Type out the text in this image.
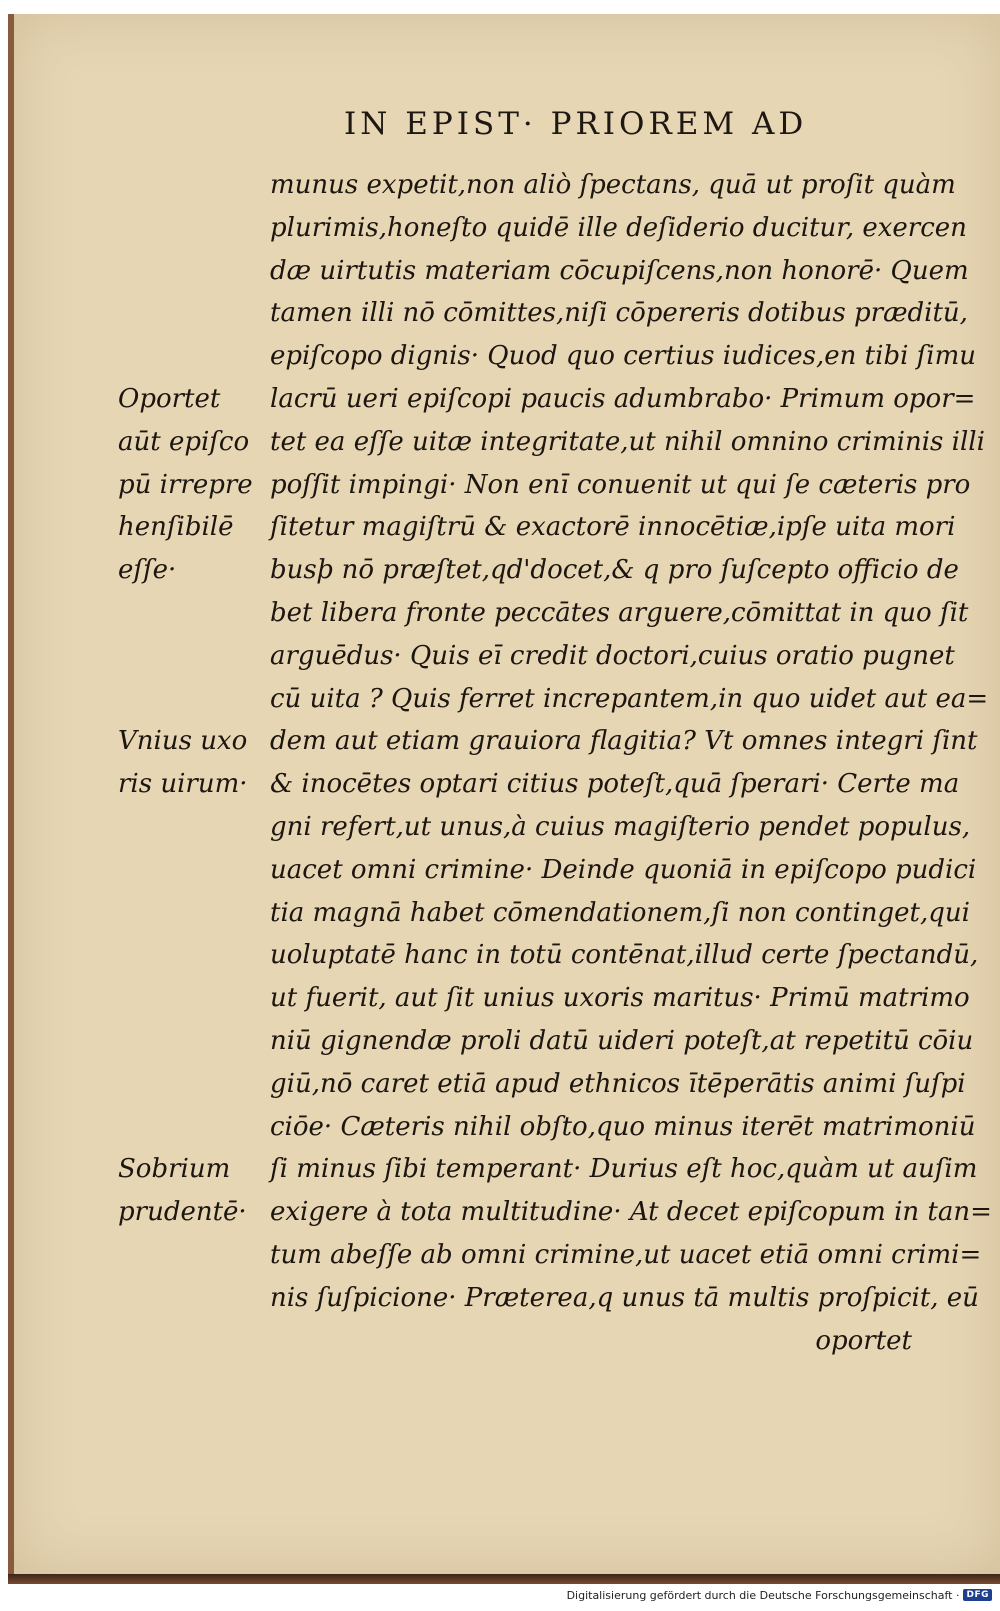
IN EPIST· PRIOREM AD
munus expetit,non aliò ſpectans, quā ut proſit quàm
plurimis,honeſto quidē ille deſiderio ducitur, exercen
dæ uirtutis materiam cōcupiſcens,non honorē· Quem
tamen illi nō cōmittes,niſi cōpereris dotibus præditū,
epiſcopo dignis· Quod quo certius iudices,en tibi ſimu
lacrū ueri epiſcopi paucis adumbrabo· Primum opor=
tet ea eſſe uitæ integritate,ut nihil omnino criminis illi
poſſit impingi· Non enī conuenit ut qui ſe cæteris pro
ſitetur magiſtrū & exactorē innocētiæ,ipſe uita mori
busþ nō præſtet,qd'docet,& q pro ſuſcepto officio de
bet libera fronte peccātes arguere,cōmittat in quo ſit
arguēdus· Quis eī credit doctori,cuius oratio pugnet
cū uita ? Quis ferret increpantem,in quo uidet aut ea=
dem aut etiam grauiora flagitia? Vt omnes integri ſint
& inocētes optari citius poteſt,quā ſperari· Certe ma
gni refert,ut unus,à cuius magiſterio pendet populus,
uacet omni crimine· Deinde quoniā in epiſcopo pudici
tia magnā habet cōmendationem,ſi non continget,qui
uoluptatē hanc in totū contēnat,illud certe ſpectandū,
ut fuerit, aut ſit unius uxoris maritus· Primū matrimo
niū gignendæ proli datū uideri poteſt,at repetitū cōiu
giū,nō caret etiā apud ethnicos ītēperātis animi ſuſpi
ciōe· Cæteris nihil obſto,quo minus iterēt matrimoniū
ſi minus ſibi temperant· Durius eſt hoc,quàm ut auſim
exigere à tota multitudine· At decet epiſcopum in tan=
tum abeſſe ab omni crimine,ut uacet etiā omni crimi=
nis ſuſpicione· Præterea,q unus tā multis proſpicit, eū
oportet
Oportet
aūt epiſco
pū irrepre
henſibilē
eſſe·
Vnius uxo
ris uirum·
Sobrium
prudentē·
Digitalisierung gefördert durch die Deutsche Forschungsgemeinschaft · DFG
